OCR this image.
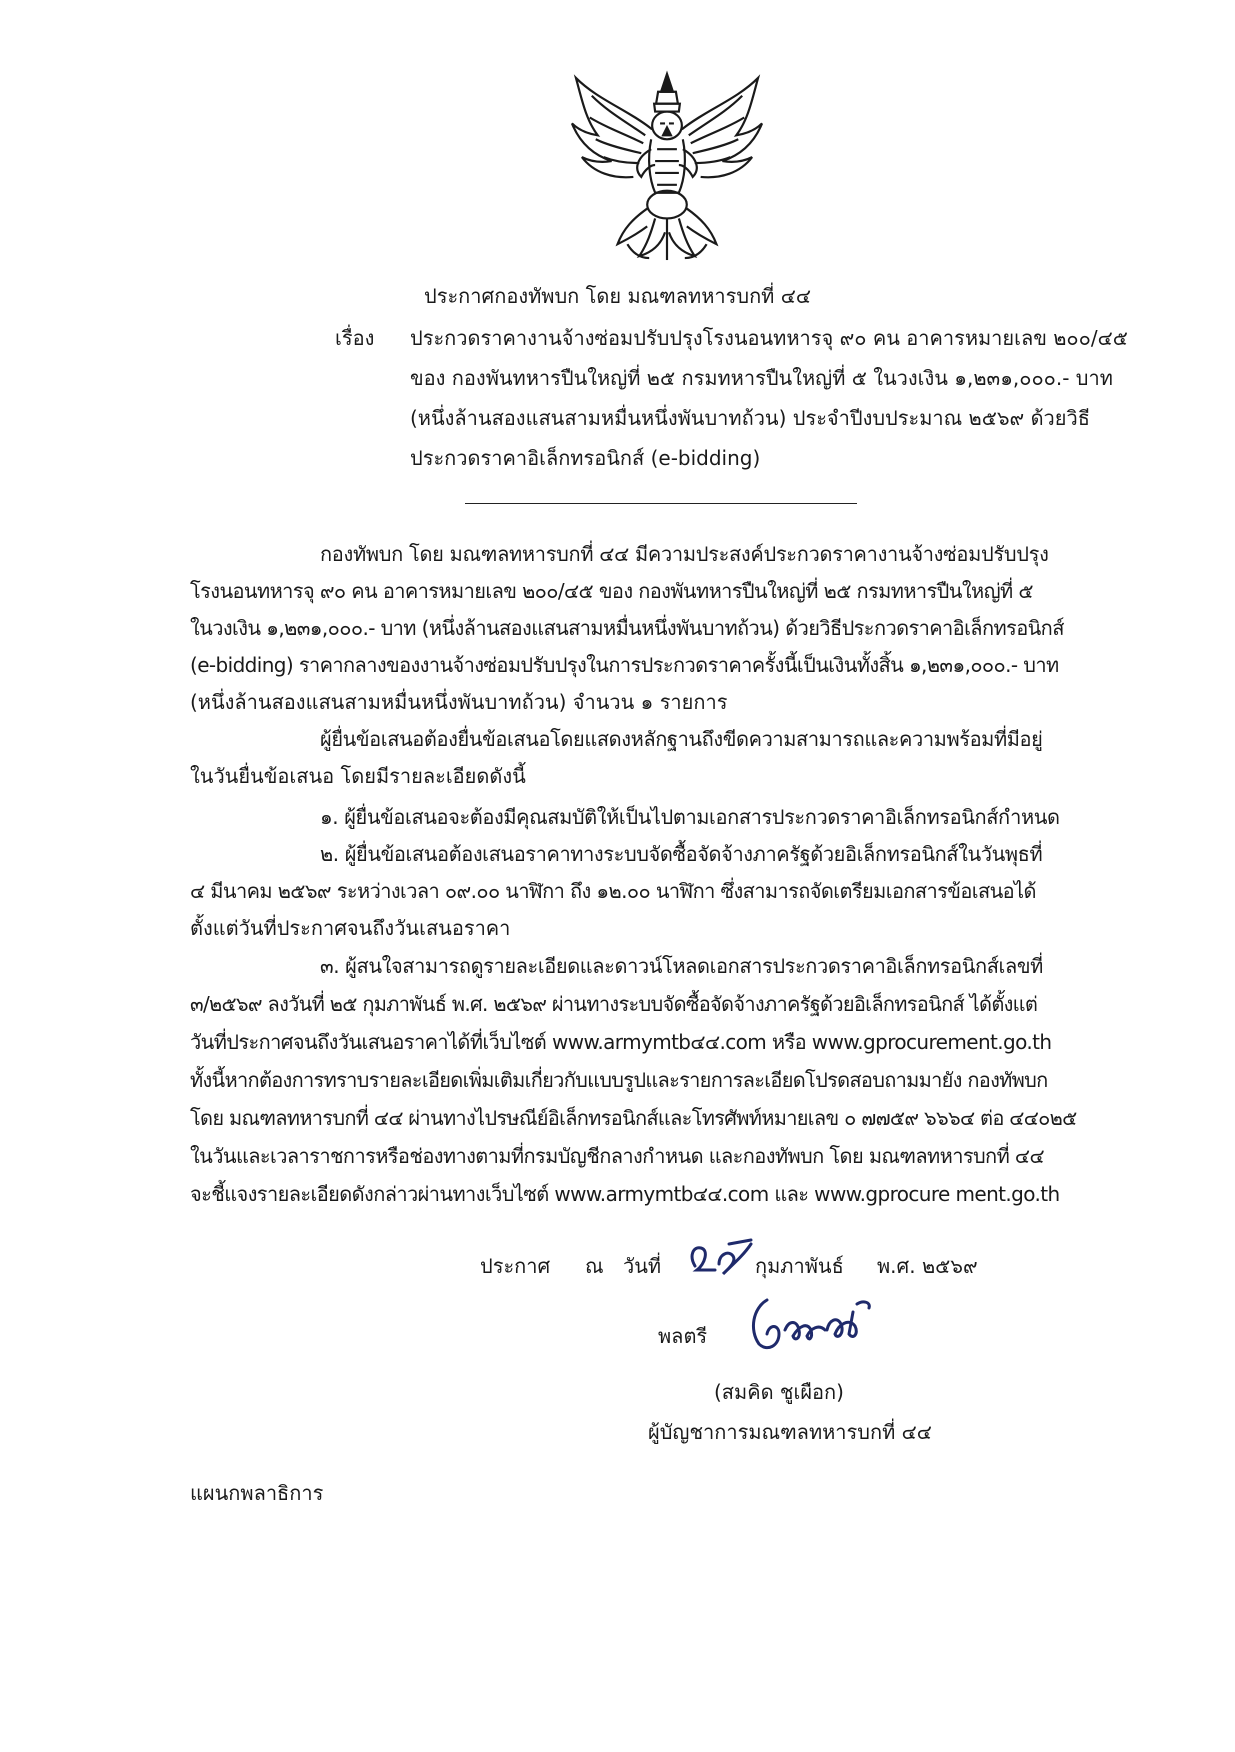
ประกาศกองทัพบก โดย มณฑลทหารบกที่ ๔๔
เรื่อง ประกวดราคางานจ้างซ่อมปรับปรุงโรงนอนทหารจุ ๙๐ คน อาคารหมายเลข ๒๐๐/๔๕
ของ กองพันทหารปืนใหญ่ที่ ๒๕ กรมทหารปืนใหญ่ที่ ๕ ในวงเงิน ๑,๒๓๑,๐๐๐.- บาท
(หนึ่งล้านสองแสนสามหมื่นหนึ่งพันบาทถ้วน) ประจำปีงบประมาณ ๒๕๖๙ ด้วยวิธี
ประกวดราคาอิเล็กทรอนิกส์ (e-bidding)
กองทัพบก โดย มณฑลทหารบกที่ ๔๔ มีความประสงค์ประกวดราคางานจ้างซ่อมปรับปรุง
โรงนอนทหารจุ ๙๐ คน อาคารหมายเลข ๒๐๐/๔๕ ของ กองพันทหารปืนใหญ่ที่ ๒๕ กรมทหารปืนใหญ่ที่ ๕
ในวงเงิน ๑,๒๓๑,๐๐๐.- บาท (หนึ่งล้านสองแสนสามหมื่นหนึ่งพันบาทถ้วน) ด้วยวิธีประกวดราคาอิเล็กทรอนิกส์
(e-bidding) ราคากลางของงานจ้างซ่อมปรับปรุงในการประกวดราคาครั้งนี้เป็นเงินทั้งสิ้น ๑,๒๓๑,๐๐๐.- บาท
(หนึ่งล้านสองแสนสามหมื่นหนึ่งพันบาทถ้วน) จำนวน ๑ รายการ
ผู้ยื่นข้อเสนอต้องยื่นข้อเสนอโดยแสดงหลักฐานถึงขีดความสามารถและความพร้อมที่มีอยู่
ในวันยื่นข้อเสนอ โดยมีรายละเอียดดังนี้
๑. ผู้ยื่นข้อเสนอจะต้องมีคุณสมบัติให้เป็นไปตามเอกสารประกวดราคาอิเล็กทรอนิกส์กำหนด
๒. ผู้ยื่นข้อเสนอต้องเสนอราคาทางระบบจัดซื้อจัดจ้างภาครัฐด้วยอิเล็กทรอนิกส์ในวันพุธที่
๔ มีนาคม ๒๕๖๙ ระหว่างเวลา ๐๙.๐๐ นาฬิกา ถึง ๑๒.๐๐ นาฬิกา ซึ่งสามารถจัดเตรียมเอกสารข้อเสนอได้
ตั้งแต่วันที่ประกาศจนถึงวันเสนอราคา
๓. ผู้สนใจสามารถดูรายละเอียดและดาวน์โหลดเอกสารประกวดราคาอิเล็กทรอนิกส์เลขที่
๓/๒๕๖๙ ลงวันที่ ๒๕ กุมภาพันธ์ พ.ศ. ๒๕๖๙ ผ่านทางระบบจัดซื้อจัดจ้างภาครัฐด้วยอิเล็กทรอนิกส์ ได้ตั้งแต่
วันที่ประกาศจนถึงวันเสนอราคาได้ที่เว็บไซต์ www.armymtb๔๔.com หรือ www.gprocurement.go.th
ทั้งนี้หากต้องการทราบรายละเอียดเพิ่มเติมเกี่ยวกับแบบรูปและรายการละเอียดโปรดสอบถามมายัง กองทัพบก
โดย มณฑลทหารบกที่ ๔๔ ผ่านทางไปรษณีย์อิเล็กทรอนิกส์และโทรศัพท์หมายเลข ๐ ๗๗๕๙ ๖๖๖๔ ต่อ ๔๔๐๒๕
ในวันและเวลาราชการหรือช่องทางตามที่กรมบัญชีกลางกำหนด และกองทัพบก โดย มณฑลทหารบกที่ ๔๔
จะชี้แจงรายละเอียดดังกล่าวผ่านทางเว็บไซต์ www.armymtb๔๔.com และ www.gprocure ment.go.th
ประกาศ ณ วันที่	กุมภาพันธ์ พ.ศ. ๒๕๖๙
พลตรี
(สมคิด ชูเผือก)
ผู้บัญชาการมณฑลทหารบกที่ ๔๔
แผนกพลาธิการ
